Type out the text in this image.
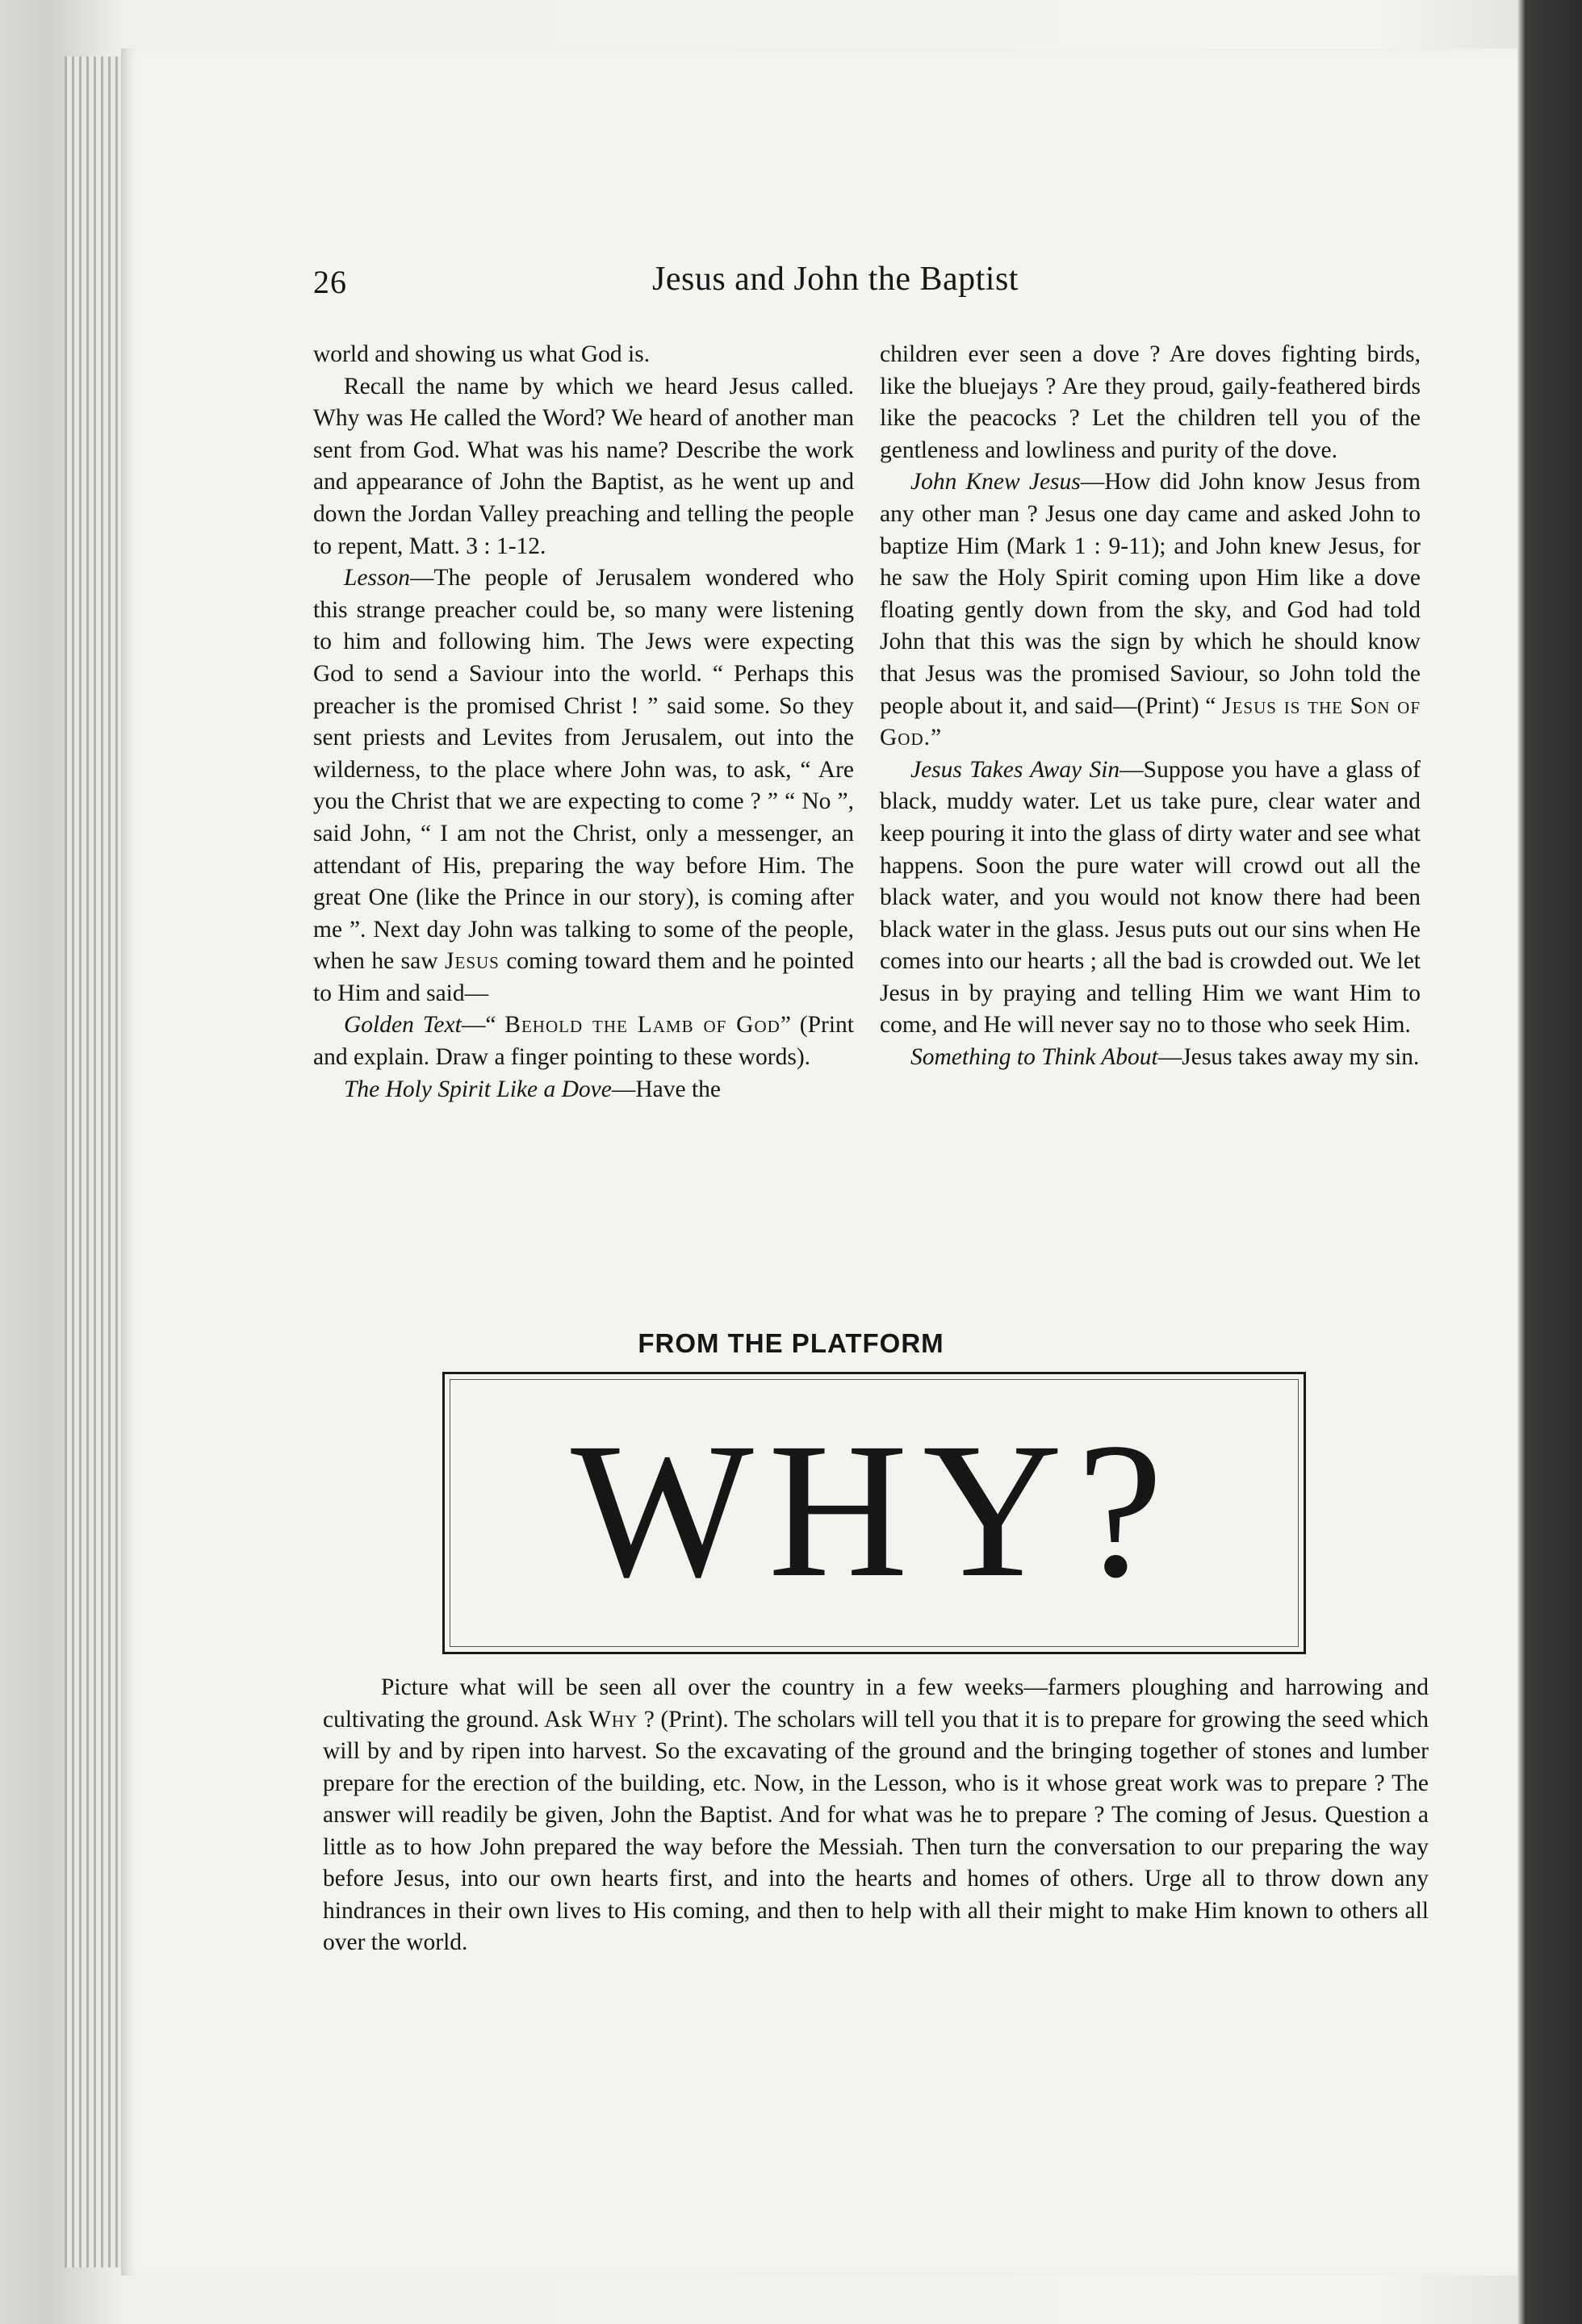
26	Jesus and John the Baptist

world and showing us what God is.

Recall the name by which we heard Jesus called. Why was He called the Word? We heard of another man sent from God. What was his name? Describe the work and appearance of John the Baptist, as he went up and down the Jordan Valley preaching and telling the people to repent, Matt. 3 : 1-12.

Lesson—The people of Jerusalem wondered who this strange preacher could be, so many were listening to him and following him. The Jews were expecting God to send a Saviour into the world. “ Perhaps this preacher is the promised Christ ! ” said some. So they sent priests and Levites from Jerusalem, out into the wilderness, to the place where John was, to ask, “ Are you the Christ that we are expecting to come ? ” “ No ”, said John, “ I am not the Christ, only a messenger, an attendant of His, preparing the way before Him. The great One (like the Prince in our story), is coming after me ”. Next day John was talking to some of the people, when he saw Jesus coming toward them and he pointed to Him and said—

Golden Text—“ Behold the Lamb of God” (Print and explain. Draw a finger pointing to these words).

The Holy Spirit Like a Dove—Have the

children ever seen a dove ? Are doves fighting birds, like the bluejays ? Are they proud, gaily-feathered birds like the peacocks ? Let the children tell you of the gentleness and lowliness and purity of the dove.

John Knew Jesus—How did John know Jesus from any other man ? Jesus one day came and asked John to baptize Him (Mark 1 : 9-11); and John knew Jesus, for he saw the Holy Spirit coming upon Him like a dove floating gently down from the sky, and God had told John that this was the sign by which he should know that Jesus was the promised Saviour, so John told the people about it, and said—(Print) “ Jesus is the Son of God.”

Jesus Takes Away Sin—Suppose you have a glass of black, muddy water. Let us take pure, clear water and keep pouring it into the glass of dirty water and see what happens. Soon the pure water will crowd out all the black water, and you would not know there had been black water in the glass. Jesus puts out our sins when He comes into our hearts ; all the bad is crowded out. We let Jesus in by praying and telling Him we want Him to come, and He will never say no to those who seek Him.

Something to Think About—Jesus takes away my sin.

FROM THE PLATFORM
WHY?

Picture what will be seen all over the country in a few weeks—farmers ploughing and harrowing and cultivating the ground. Ask Why ? (Print). The scholars will tell you that it is to prepare for growing the seed which will by and by ripen into harvest. So the excavating of the ground and the bringing together of stones and lumber prepare for the erection of the building, etc. Now, in the Lesson, who is it whose great work was to prepare ? The answer will readily be given, John the Baptist. And for what was he to prepare ? The coming of Jesus. Question a little as to how John prepared the way before the Messiah. Then turn the conversation to our preparing the way before Jesus, into our own hearts first, and into the hearts and homes of others. Urge all to throw down any hindrances in their own lives to His coming, and then to help with all their might to make Him known to others all over the world.
